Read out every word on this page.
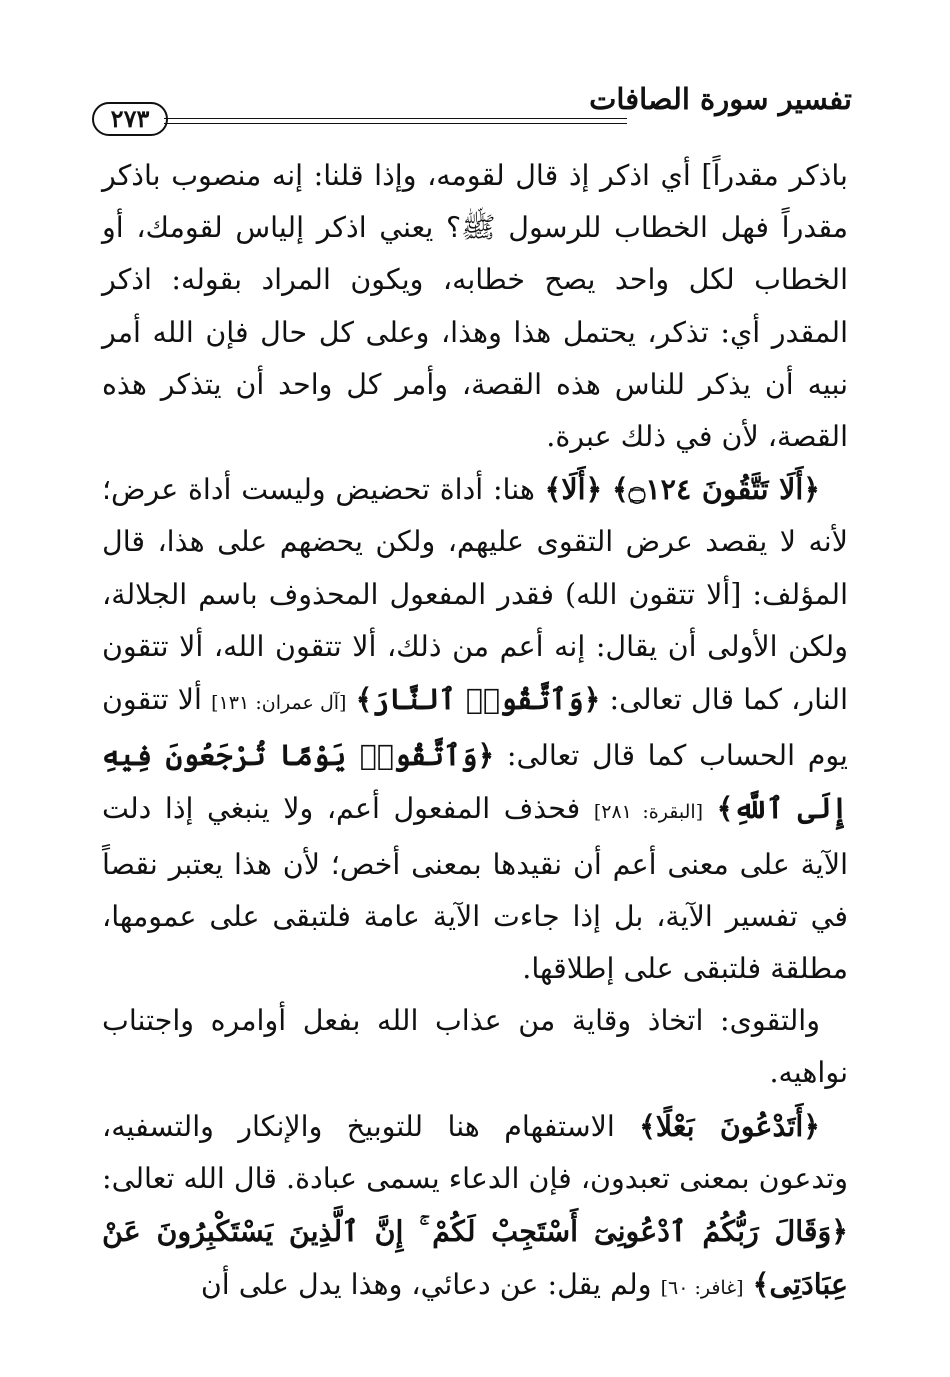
تفسير سورة الصافات
٢٧٣

باذكر مقدراً] أي اذكر إذ قال لقومه، وإذا قلنا: إنه منصوب باذكر مقدراً فهل الخطاب للرسول ﷺ؟ يعني اذكر إلياس لقومك، أو الخطاب لكل واحد يصح خطابه، ويكون المراد بقوله: اذكر المقدر أي: تذكر، يحتمل هذا وهذا، وعلى كل حال فإن الله أمر نبيه أن يذكر للناس هذه القصة، وأمر كل واحد أن يتذكر هذه القصة، لأن في ذلك عبرة.

﴿أَلَا تَتَّقُونَ ۝١٢٤﴾ ﴿أَلَا﴾ هنا: أداة تحضيض وليست أداة عرض؛ لأنه لا يقصد عرض التقوى عليهم، ولكن يحضهم على هذا، قال المؤلف: [ألا تتقون الله) فقدر المفعول المحذوف باسم الجلالة، ولكن الأولى أن يقال: إنه أعم من ذلك، ألا تتقون الله، ألا تتقون النار، كما قال تعالى: ﴿وَٱتَّقُوا۟ ٱلنَّارَ﴾ [آل عمران: ١٣١] ألا تتقون يوم الحساب كما قال تعالى: ﴿وَٱتَّقُوا۟ يَوْمًا تُرْجَعُونَ فِيهِ إِلَى ٱللَّهِ﴾ [البقرة: ٢٨١] فحذف المفعول أعم، ولا ينبغي إذا دلت الآية على معنى أعم أن نقيدها بمعنى أخص؛ لأن هذا يعتبر نقصاً في تفسير الآية، بل إذا جاءت الآية عامة فلتبقى على عمومها، مطلقة فلتبقى على إطلاقها.

والتقوى: اتخاذ وقاية من عذاب الله بفعل أوامره واجتناب نواهيه.

﴿أَتَدْعُونَ بَعْلًا﴾ الاستفهام هنا للتوبيخ والإنكار والتسفيه، وتدعون بمعنى تعبدون، فإن الدعاء يسمى عبادة. قال الله تعالى: ﴿وَقَالَ رَبُّكُمُ ٱدْعُونِىٓ أَسْتَجِبْ لَكُمْ ۚ إِنَّ ٱلَّذِينَ يَسْتَكْبِرُونَ عَنْ عِبَادَتِى﴾ [غافر: ٦٠] ولم يقل: عن دعائي، وهذا يدل على أن
